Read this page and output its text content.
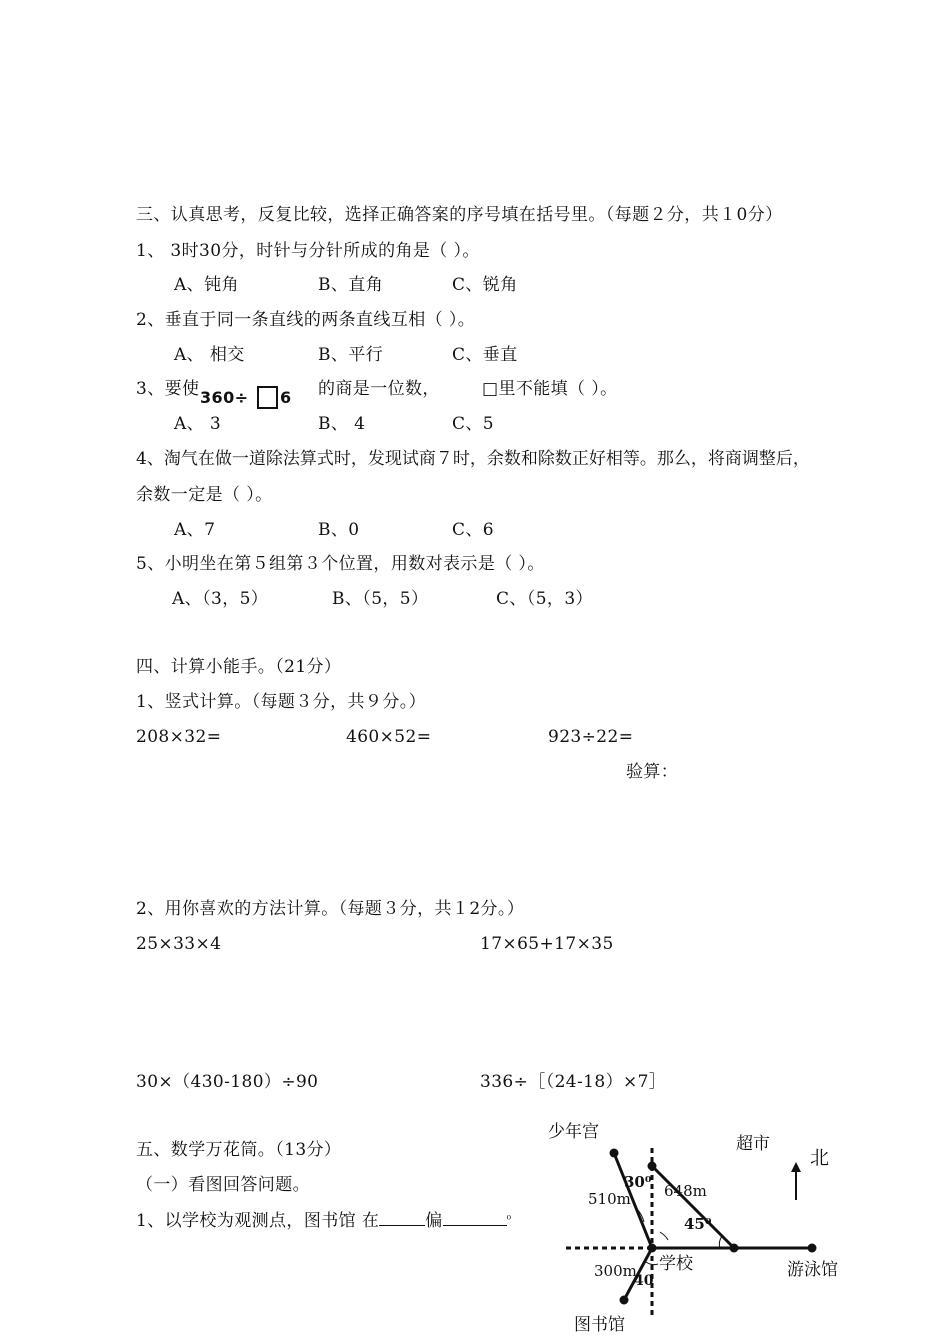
三、认真思考，反复比较，选择正确答案的序号填在括号里。（每题２分，共１0分）
1、 3时30分，时针与分针所成的角是（ ）。
A、钝角	B、直角	C、锐角
2、垂直于同一条直线的两条直线互相（ ）。
A、 相交	B、平行	C、垂直
3、要使 360÷ 6 的商是一位数， □里不能填（ ）。
A、 3	B、 4	C、5
4、淘气在做一道除法算式时，发现试商７时，余数和除数正好相等。那么，将商调整后，
余数一定是（ ）。
A、7	B、0	C、6
5、小明坐在第５组第３个位置，用数对表示是（ ）。
A、（3，5）	B、（5，5）	C、（5，3）
四、计算小能手。（21分）
1、竖式计算。（每题３分，共９分。）
208×32=	460×52=	923÷22=
验算：
2、用你喜欢的方法计算。（每题３分，共１2分。）
25×33×4	17×65+17×35
30×（430-180）÷90	336÷［（24-18）×7］
五、数学万花筒。（13分）
（一）看图回答问题。
1、以学校为观测点，图书馆 在	偏	$^{^0}$
少年宫
超市
北
510m 648m
30⁰
45⁰
学校	游泳馆
300m
40
图书馆
